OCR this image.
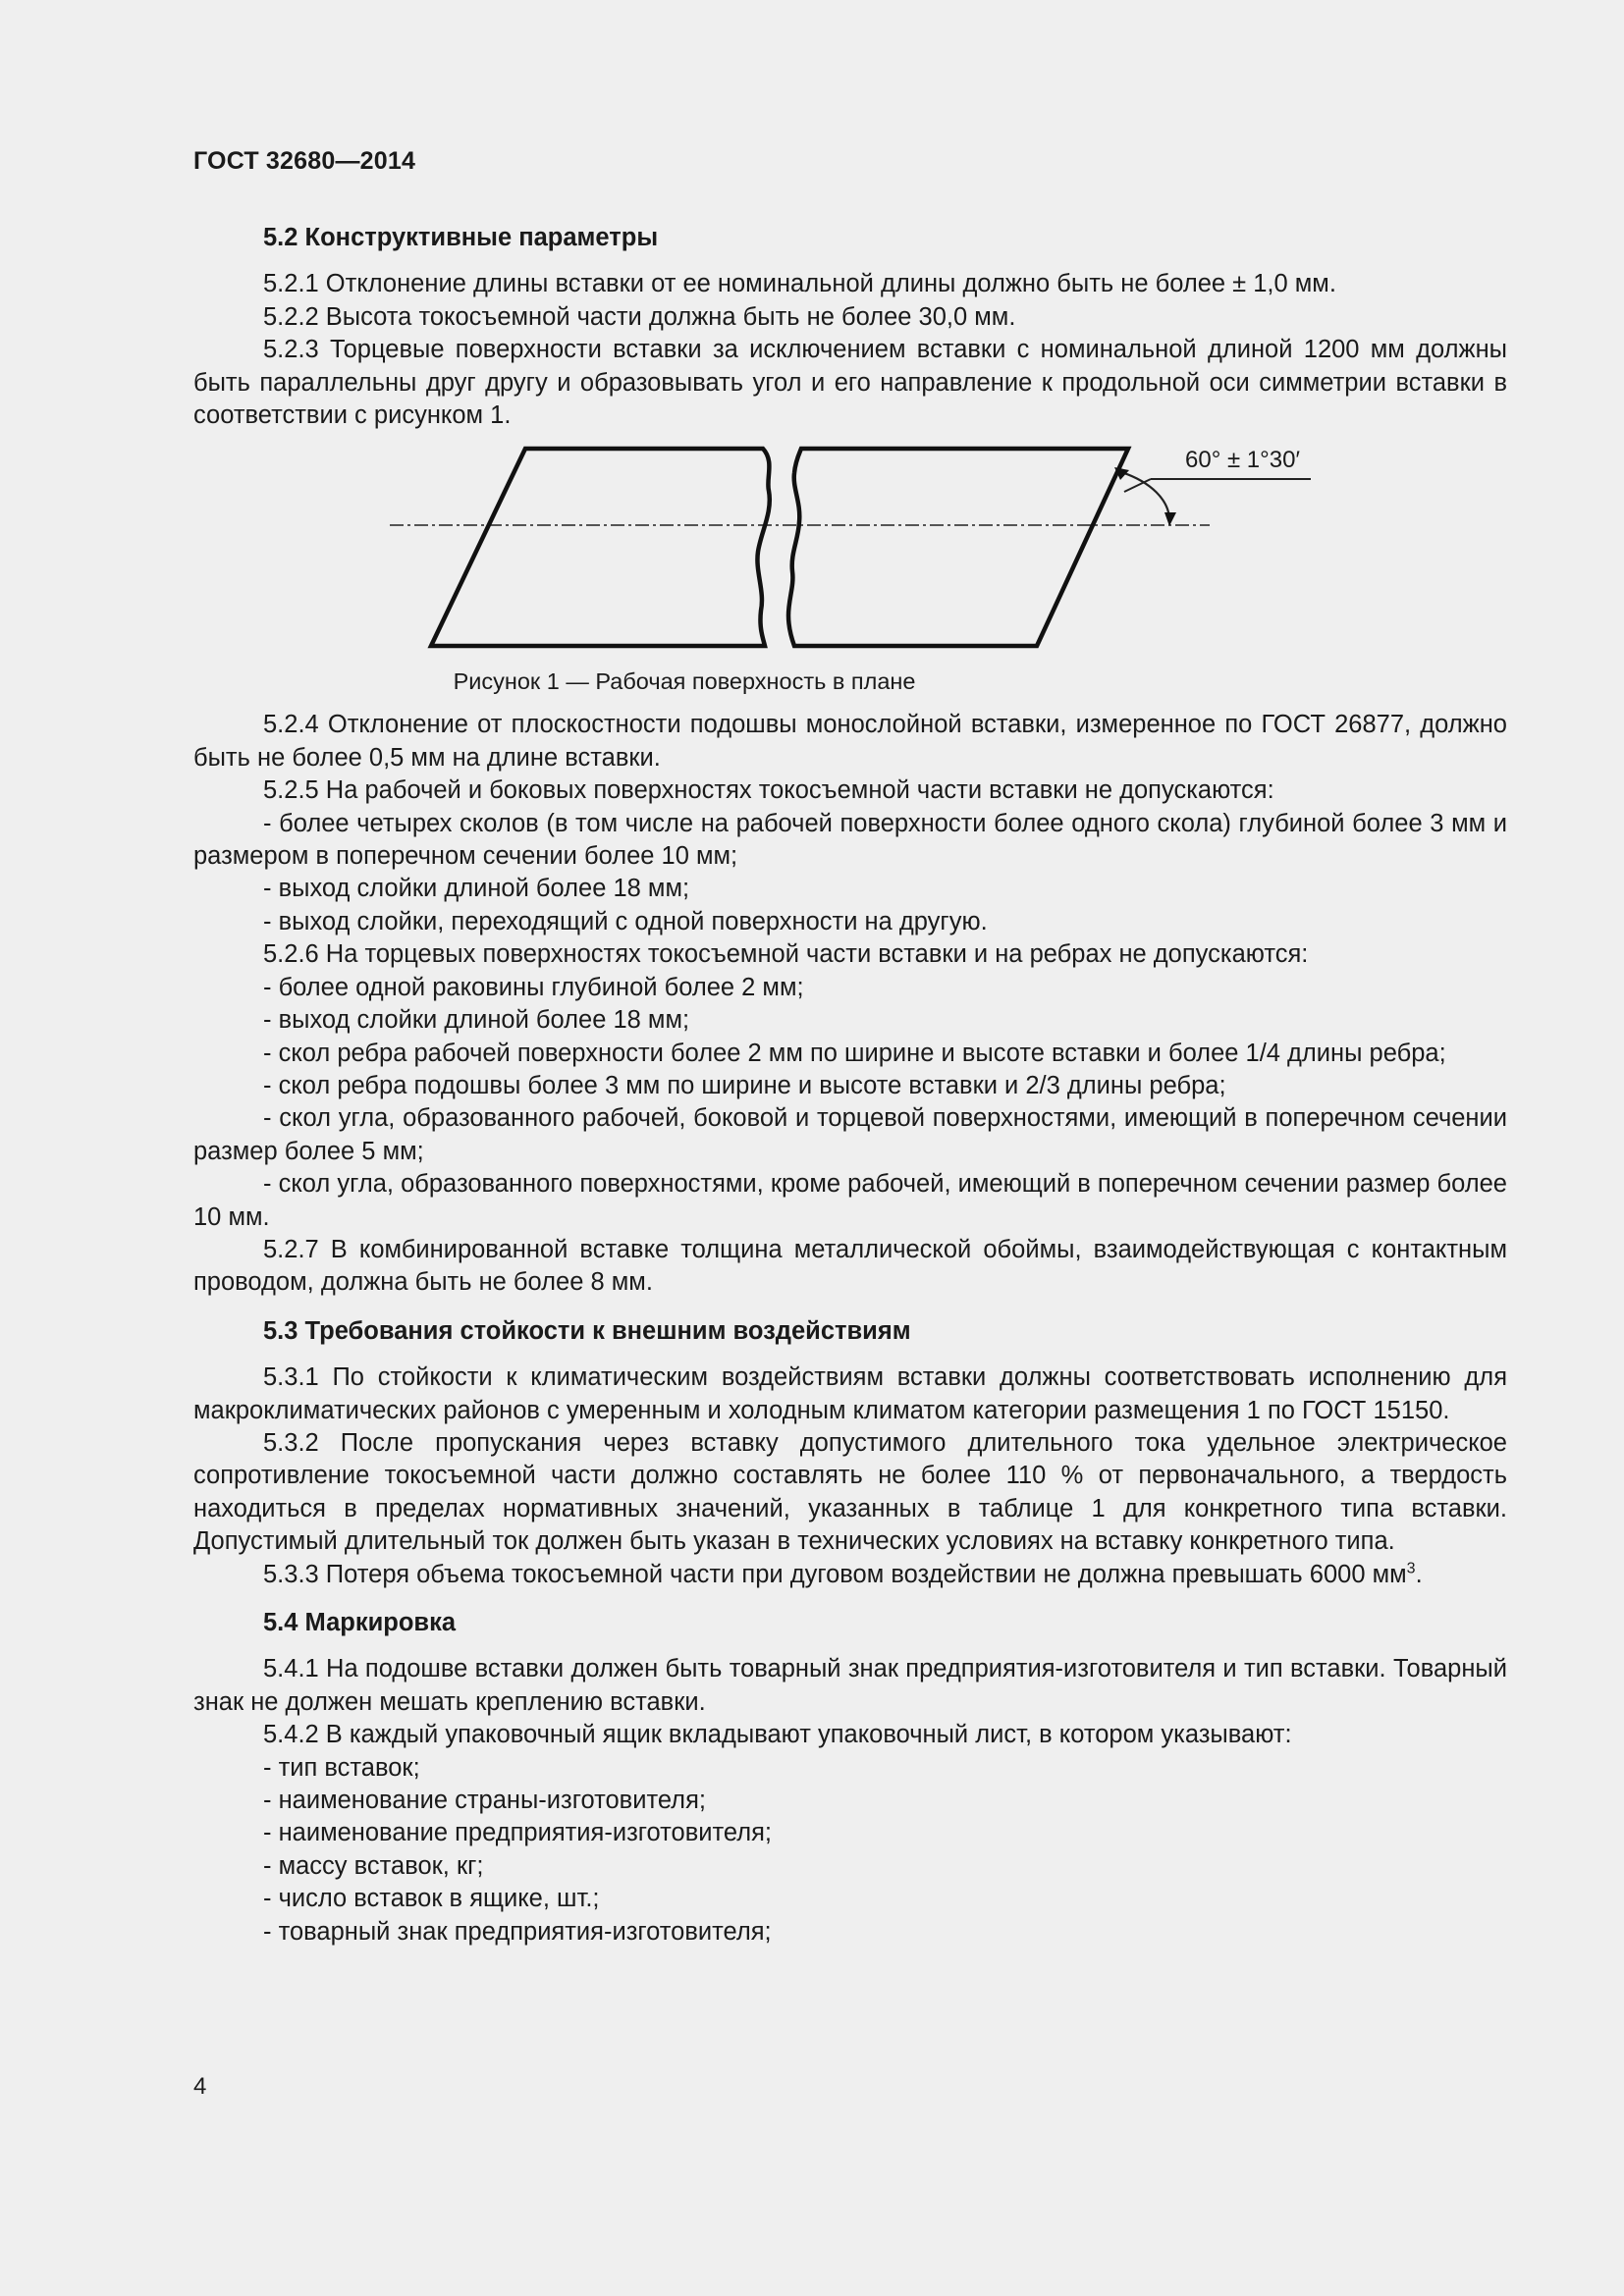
ГОСТ 32680—2014
5.2 Конструктивные параметры

5.2.1 Отклонение длины вставки от ее номинальной длины должно быть не более ± 1,0 мм.

5.2.2 Высота токосъемной части должна быть не более 30,0 мм.

5.2.3 Торцевые поверхности вставки за исключением вставки с номинальной длиной 1200 мм должны быть параллельны друг другу и образовывать угол и его направление к продольной оси симметрии вставки в соответствии с рисунком 1.

60° ± 1°30′
Рисунок 1 — Рабочая поверхность в плане

5.2.4 Отклонение от плоскостности подошвы монослойной вставки, измеренное по ГОСТ 26877, должно быть не более 0,5 мм на длине вставки.

5.2.5 На рабочей и боковых поверхностях токосъемной части вставки не допускаются:

- более четырех сколов (в том числе на рабочей поверхности более одного скола) глубиной более 3 мм и размером в поперечном сечении более 10 мм;

- выход слойки длиной более 18 мм;

- выход слойки, переходящий с одной поверхности на другую.

5.2.6 На торцевых поверхностях токосъемной части вставки и на ребрах не допускаются:

- более одной раковины глубиной более 2 мм;

- выход слойки длиной более 18 мм;

- скол ребра рабочей поверхности более 2 мм по ширине и высоте вставки и более 1/4 длины ребра;

- скол ребра подошвы более 3 мм по ширине и высоте вставки и 2/3 длины ребра;

- скол угла, образованного рабочей, боковой и торцевой поверхностями, имеющий в поперечном сечении размер более 5 мм;

- скол угла, образованного поверхностями, кроме рабочей, имеющий в поперечном сечении размер более 10 мм.

5.2.7 В комбинированной вставке толщина металлической обоймы, взаимодействующая с контактным проводом, должна быть не более 8 мм.

5.3 Требования стойкости к внешним воздействиям

5.3.1 По стойкости к климатическим воздействиям вставки должны соответствовать исполнению для макроклиматических районов с умеренным и холодным климатом категории размещения 1 по ГОСТ 15150.

5.3.2 После пропускания через вставку допустимого длительного тока удельное электрическое сопротивление токосъемной части должно составлять не более 110 % от первоначального, а твердость находиться в пределах нормативных значений, указанных в таблице 1 для конкретного типа вставки. Допустимый длительный ток должен быть указан в технических условиях на вставку конкретного типа.

5.3.3 Потеря объема токосъемной части при дуговом воздействии не должна превышать 6000 $мм^3$.

5.4 Маркировка

5.4.1 На подошве вставки должен быть товарный знак предприятия-изготовителя и тип вставки. Товарный знак не должен мешать креплению вставки.

5.4.2 В каждый упаковочный ящик вкладывают упаковочный лист, в котором указывают:

- тип вставок;

- наименование страны-изготовителя;

- наименование предприятия-изготовителя;

- массу вставок, кг;

- число вставок в ящике, шт.;

- товарный знак предприятия-изготовителя;

4
